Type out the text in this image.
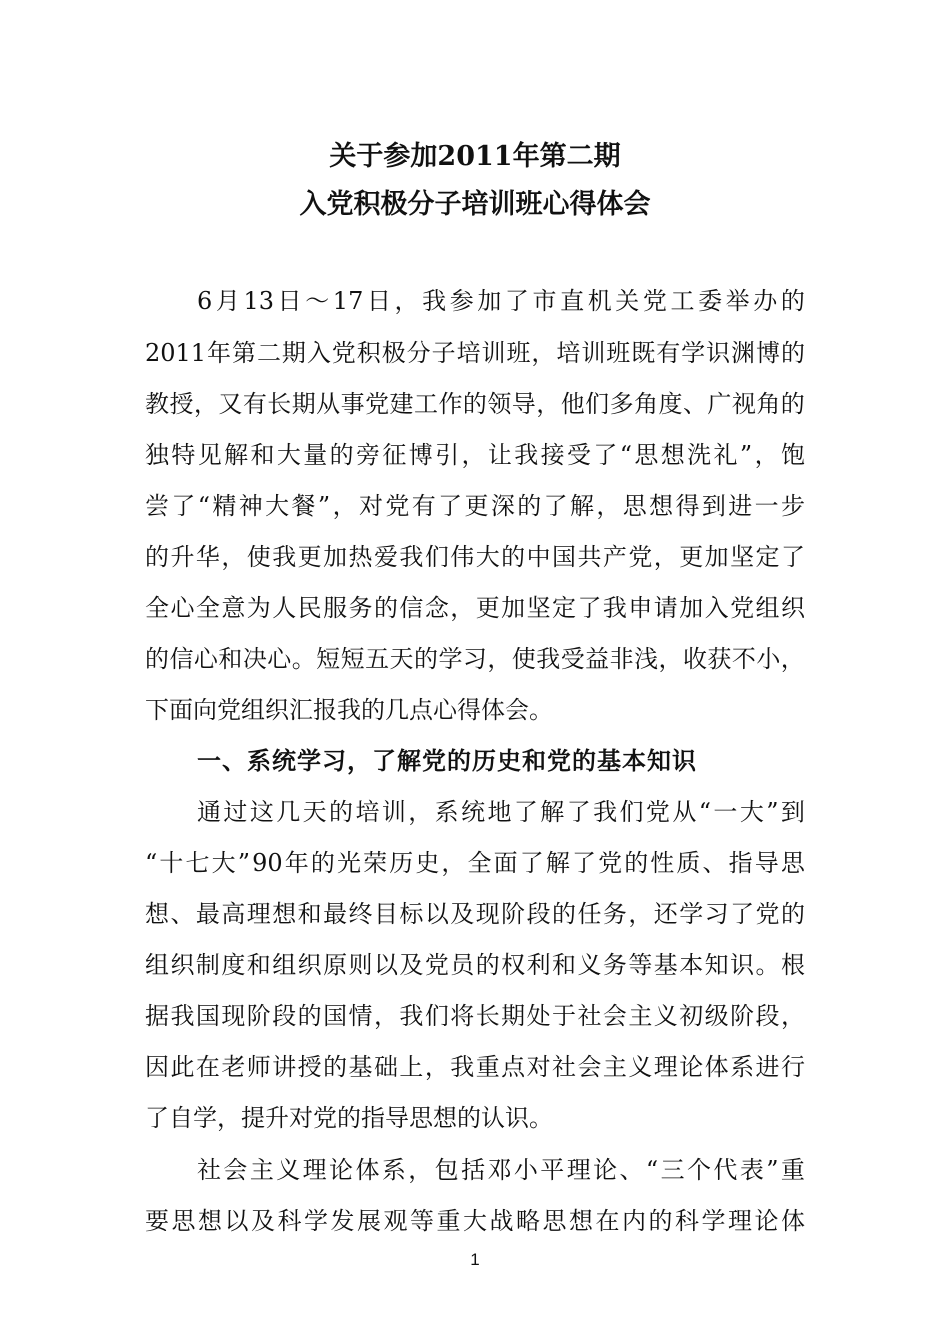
关于参加2011年第二期
入党积极分子培训班心得体会
6 月 13 日 ～ 17 日 ， 我 参 加 了 市 直 机 关 党 工 委 举 办 的
2011 年 第 二 期 入 党 积 极 分 子 培 训 班 ， 培 训 班 既 有 学 识 渊 博 的
教 授 ， 又 有 长 期 从 事 党 建 工 作 的 领 导 ， 他 们 多 角 度 、 广 视 角 的
独 特 见 解 和 大 量 的 旁 征 博 引 ， 让 我 接 受 了 “ 思 想 洗 礼 ” ， 饱
尝 了 “ 精 神 大 餐 ” ， 对 党 有 了 更 深 的 了 解 ， 思 想 得 到 进 一 步
的 升 华 ， 使 我 更 加 热 爱 我 们 伟 大 的 中 国 共 产 党 ， 更 加 坚 定 了
全 心 全 意 为 人 民 服 务 的 信 念 ， 更 加 坚 定 了 我 申 请 加 入 党 组 织
的 信 心 和 决 心 。 短 短 五 天 的 学 习 ， 使 我 受 益 非 浅 ， 收 获 不 小 ，
下面向党组织汇报我的几点心得体会。
一、系统学习，了解党的历史和党的基本知识
通 过 这 几 天 的 培 训 ， 系 统 地 了 解 了 我 们 党 从 “ 一 大 ” 到
“ 十 七 大 ” 90 年 的 光 荣 历 史 ， 全 面 了 解 了 党 的 性 质 、 指 导 思
想 、 最 高 理 想 和 最 终 目 标 以 及 现 阶 段 的 任 务 ， 还 学 习 了 党 的
组 织 制 度 和 组 织 原 则 以 及 党 员 的 权 利 和 义 务 等 基 本 知 识 。 根
据 我 国 现 阶 段 的 国 情 ， 我 们 将 长 期 处 于 社 会 主 义 初 级 阶 段 ，
因 此 在 老 师 讲 授 的 基 础 上 ， 我 重 点 对 社 会 主 义 理 论 体 系 进 行
了自学，提升对党的指导思想的认识。
社 会 主 义 理 论 体 系 ， 包 括 邓 小 平 理 论 、 “ 三 个 代 表 ” 重
要 思 想 以 及 科 学 发 展 观 等 重 大 战 略 思 想 在 内 的 科 学 理 论 体
1
